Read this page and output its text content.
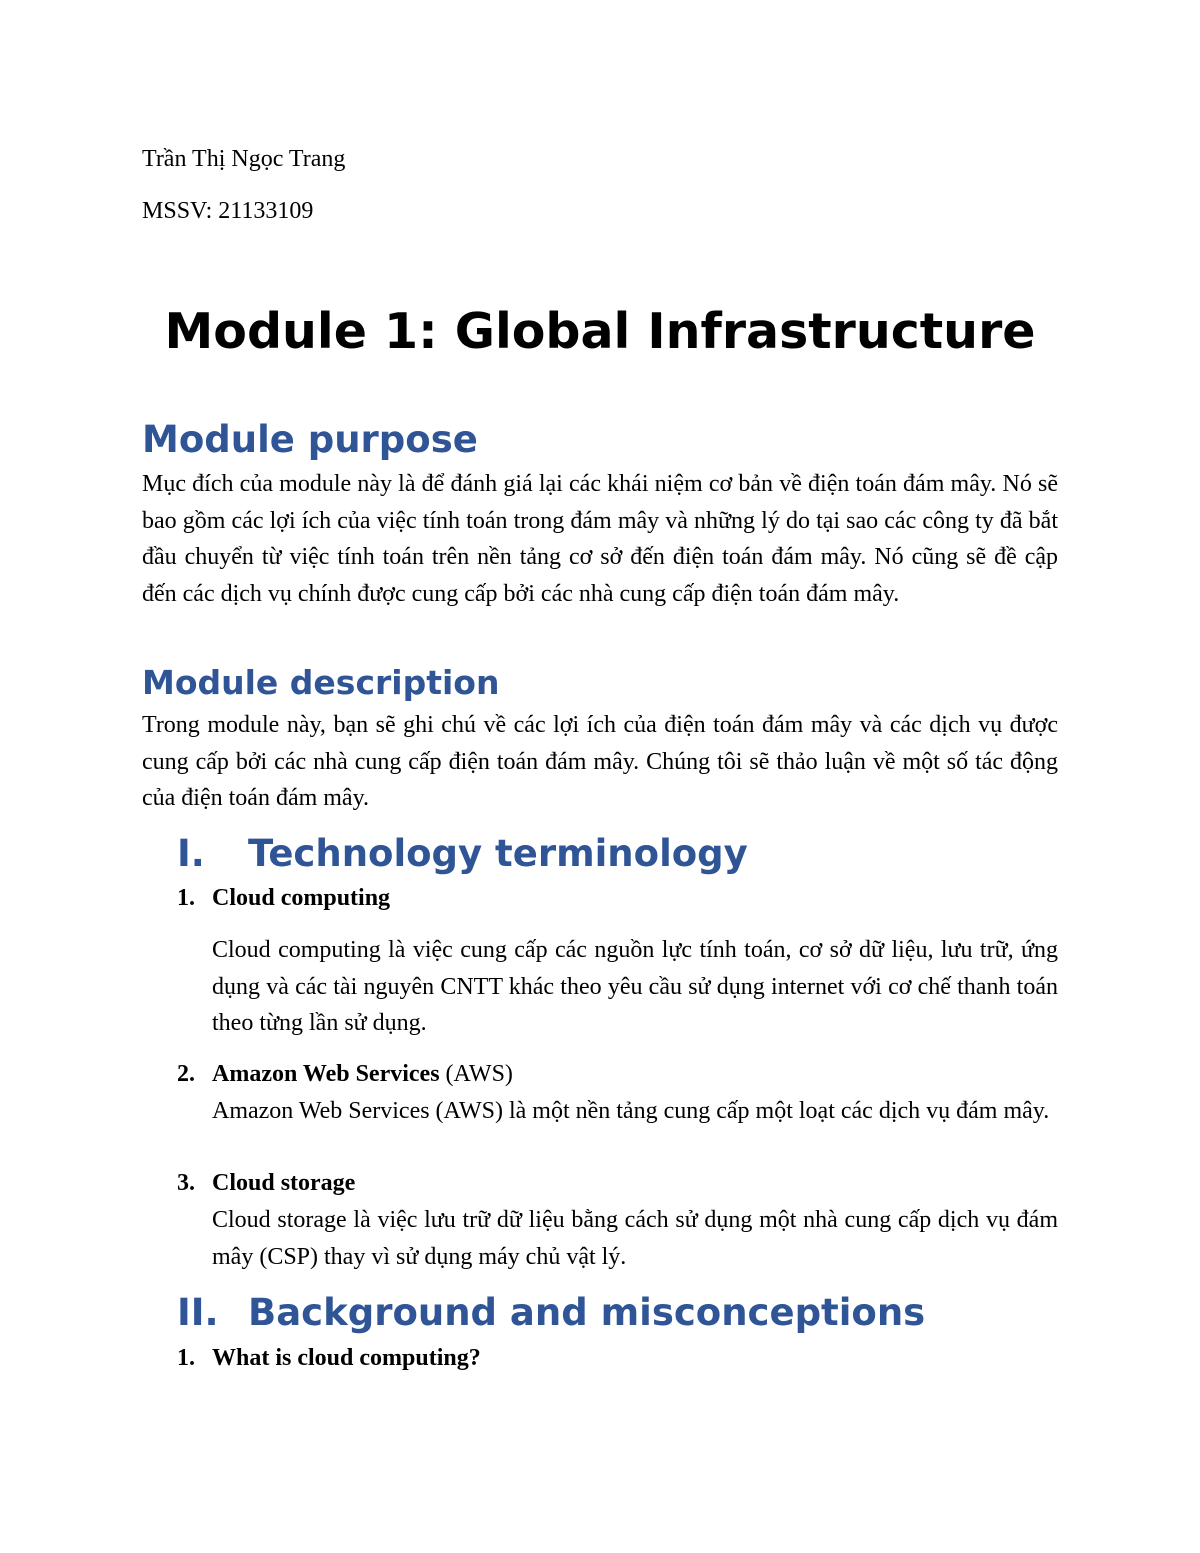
Trần Thị Ngọc Trang

MSSV: 21133109

Module 1: Global Infrastructure
Module purpose

Mục đích của module này là để đánh giá lại các khái niệm cơ bản về điện toán đám mây. Nó sẽ bao gồm các lợi ích của việc tính toán trong đám mây và những lý do tại sao các công ty đã bắt đầu chuyển từ việc tính toán trên nền tảng cơ sở đến điện toán đám mây. Nó cũng sẽ đề cập đến các dịch vụ chính được cung cấp bởi các nhà cung cấp điện toán đám mây.

Module description

Trong module này, bạn sẽ ghi chú về các lợi ích của điện toán đám mây và các dịch vụ được cung cấp bởi các nhà cung cấp điện toán đám mây. Chúng tôi sẽ thảo luận về một số tác động của điện toán đám mây.

I. Technology terminology

1. Cloud computing

Cloud computing là việc cung cấp các nguồn lực tính toán, cơ sở dữ liệu, lưu trữ, ứng dụng và các tài nguyên CNTT khác theo yêu cầu sử dụng internet với cơ chế thanh toán theo từng lần sử dụng.

2. Amazon Web Services (AWS)

Amazon Web Services (AWS) là một nền tảng cung cấp một loạt các dịch vụ đám mây.

3. Cloud storage

Cloud storage là việc lưu trữ dữ liệu bằng cách sử dụng một nhà cung cấp dịch vụ đám mây (CSP) thay vì sử dụng máy chủ vật lý.

II. Background and misconceptions

1. What is cloud computing?
